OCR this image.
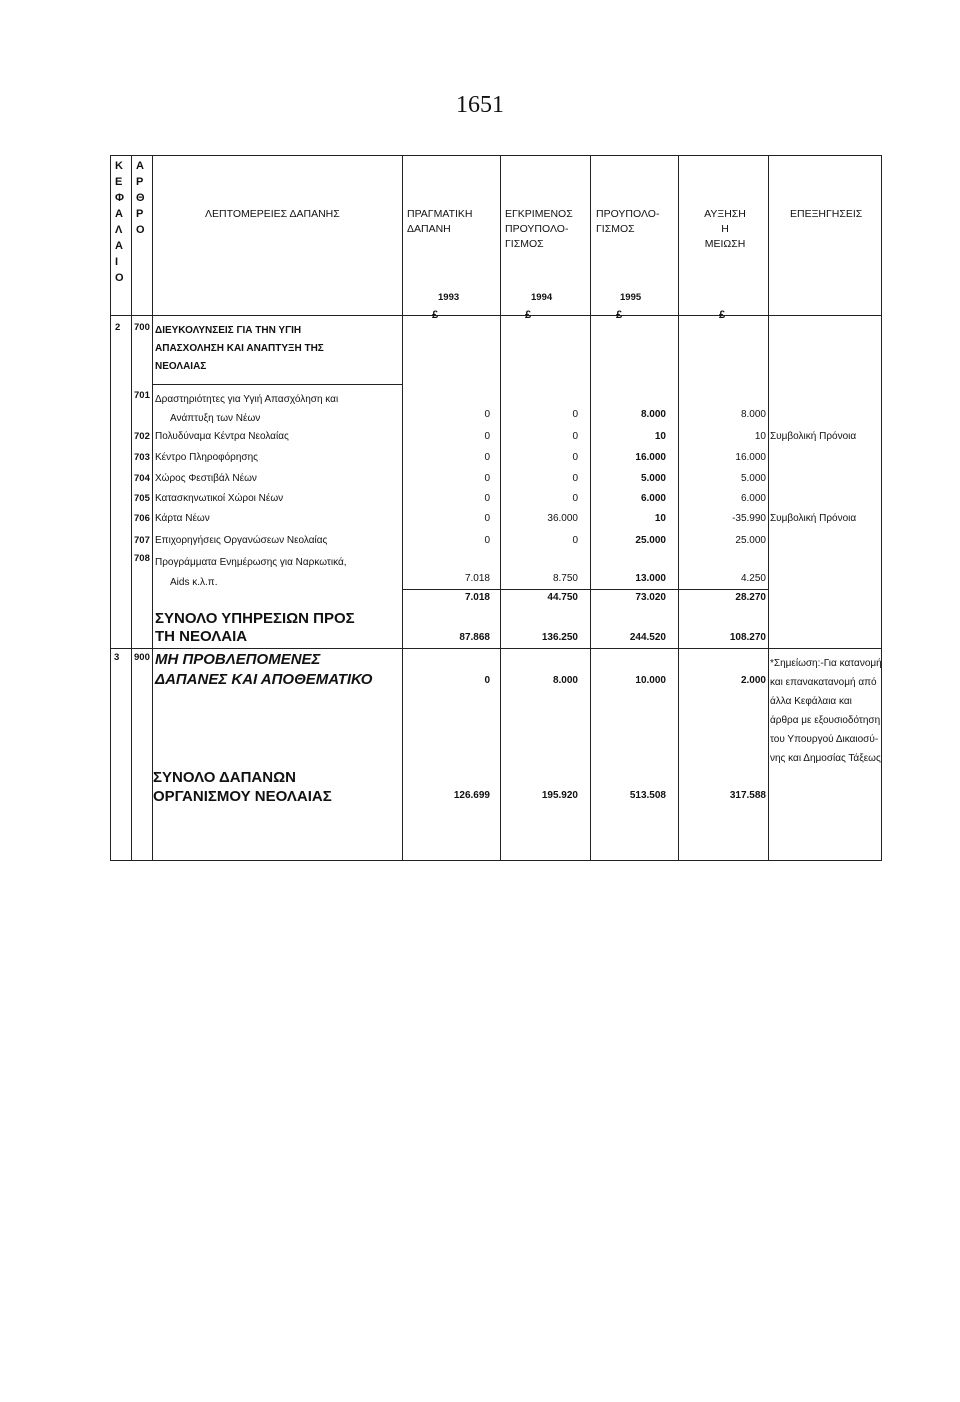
1651
Κ
Ε
Φ
Α
Λ
Α
Ι
Ο
Α
Ρ
Θ
Ρ
Ο
ΛΕΠΤΟΜΕΡΕΙΕΣ ΔΑΠΑΝΗΣ	ΠΡΑΓΜΑΤΙΚΗ
ΔΑΠΑΝΗ
ΕΓΚΡΙΜΕΝΟΣ
ΠΡΟΥΠΟΛΟ-
ΓΙΣΜΟΣ
ΠΡΟΥΠΟΛΟ-
ΓΙΣΜΟΣ
ΑΥΞΗΣΗ
Η
ΜΕΙΩΣΗ
ΕΠΕΞΗΓΗΣΕΙΣ
1993	1994	1995
£	£	£	£
2 700 ΔΙΕΥΚΟΛΥΝΣΕΙΣ ΓΙΑ ΤΗΝ ΥΓΙΗ
ΑΠΑΣΧΟΛΗΣΗ ΚΑΙ ΑΝΑΠΤΥΞΗ ΤΗΣ
ΝΕΟΛΑΙΑΣ
701 Δραστηριότητες για Υγιή Απασχόληση και
Ανάπτυξη των Νέων	0	0	8.000	8.000
702 Πολυδύναμα Κέντρα Νεολαίας	0	0	10	10 Συμβολική Πρόνοια
703 Κέντρο Πληροφόρησης	0	0	16.000	16.000
704 Χώρος Φεστιβάλ Νέων	0	0	5.000	5.000
705 Κατασκηνωτικοί Χώροι Νέων	0	0	6.000	6.000
706 Κάρτα Νέων	0	36.000	10	-35.990 Συμβολική Πρόνοια
707 Επιχορηγήσεις Οργανώσεων Νεολαίας	0	0	25.000	25.000
708 Προγράμματα Ενημέρωσης για Ναρκωτικά,
Aids κ.λ.π.	7.018	8.750	13.000	4.250
7.018	44.750	73.020	28.270
ΣΥΝΟΛΟ ΥΠΗΡΕΣΙΩΝ ΠΡΟΣ
ΤΗ ΝΕΟΛΑΙΑ	87.868	136.250	244.520	108.270
3 900 ΜΗ ΠΡΟΒΛΕΠΟΜΕΝΕΣ
ΔΑΠΑΝΕΣ ΚΑΙ ΑΠΟΘΕΜΑΤΙΚΟ	0	8.000	10.000	2.000
*Σημείωση:-Για κατανομή
και επανακατανομή από
άλλα Κεφάλαια και
άρθρα με εξουσιοδότηση
του Υπουργού Δικαιοσύ-
νης και Δημοσίας Τάξεως
ΣΥΝΟΛΟ ΔΑΠΑΝΩΝ
ΟΡΓΑΝΙΣΜΟΥ ΝΕΟΛΑΙΑΣ	126.699	195.920	513.508	317.588
